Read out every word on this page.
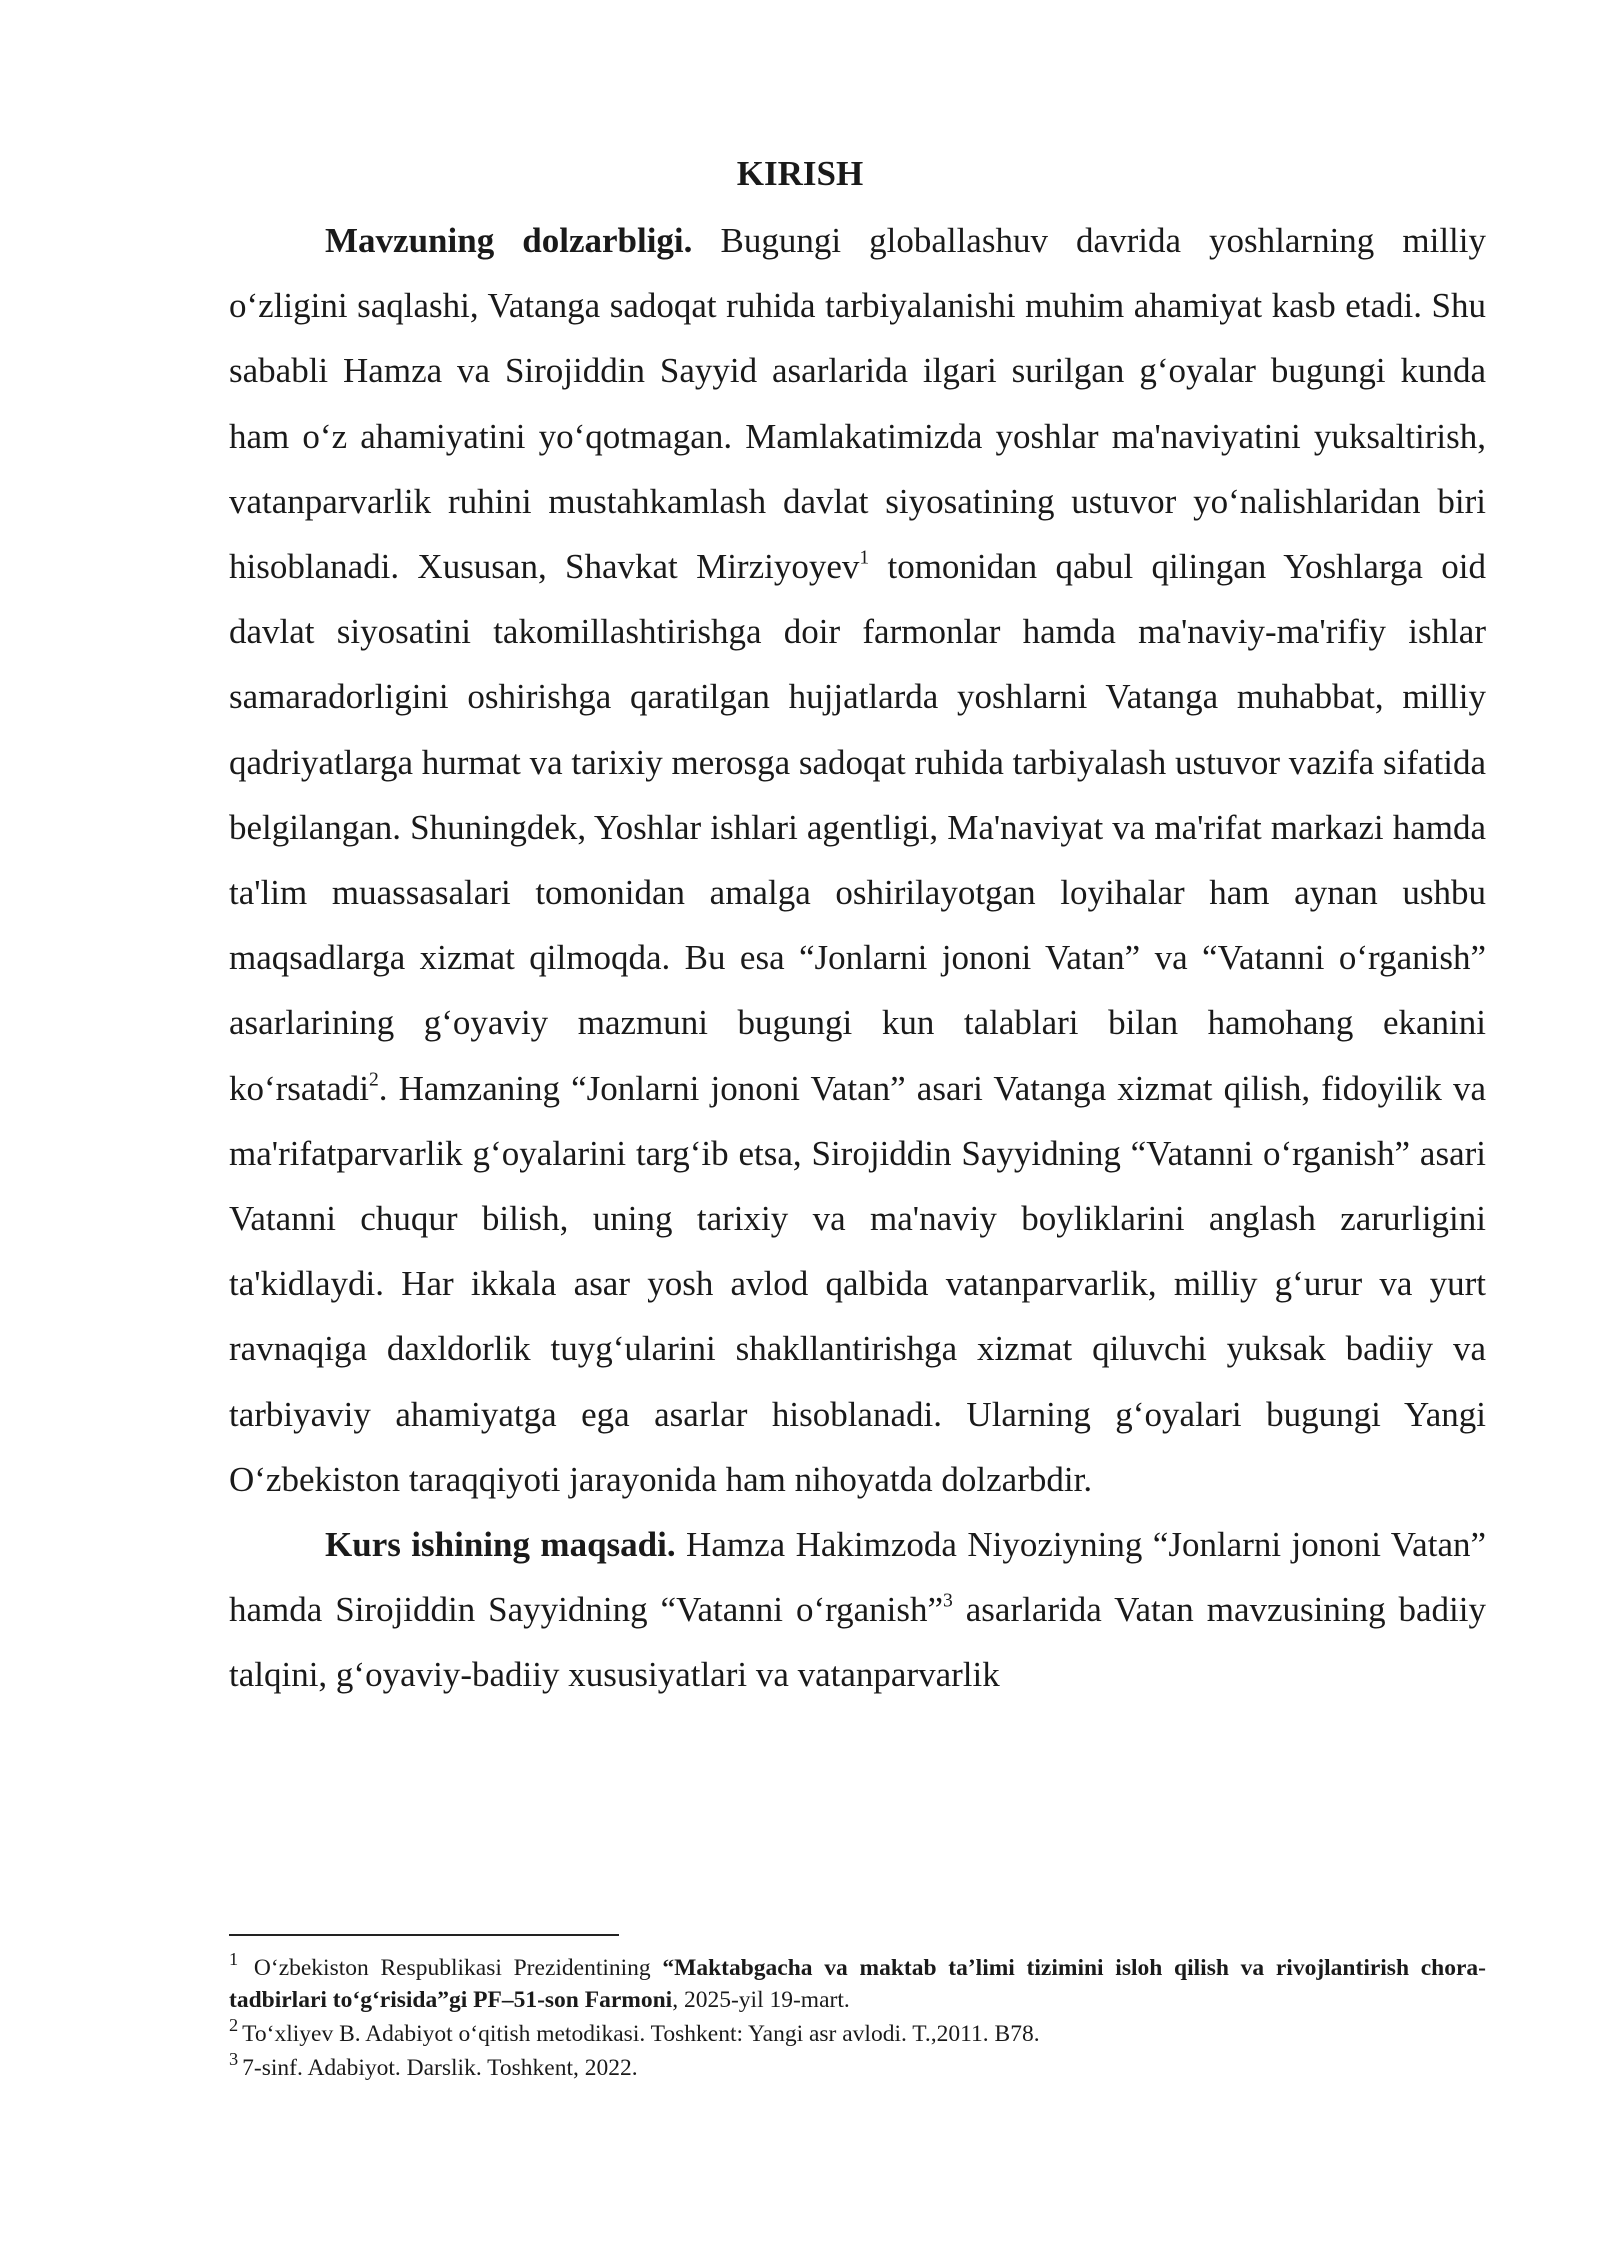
KIRISH

Mavzuning dolzarbligi. Bugungi globallashuv davrida yoshlarning milliy oʻzligini saqlashi, Vatanga sadoqat ruhida tarbiyalanishi muhim ahamiyat kasb etadi. Shu sababli Hamza va Sirojiddin Sayyid asarlarida ilgari surilgan gʻoyalar bugungi kunda ham oʻz ahamiyatini yoʻqotmagan. Mamlakatimizda yoshlar ma'naviyatini yuksaltirish, vatanparvarlik ruhini mustahkamlash davlat siyosatining ustuvor yoʻnalishlaridan biri hisoblanadi. Xususan, Shavkat Mirziyoyev$^1$ tomonidan qabul qilingan Yoshlarga oid davlat siyosatini takomillashtirishga doir farmonlar hamda ma'naviy-ma'rifiy ishlar samaradorligini oshirishga qaratilgan hujjatlarda yoshlarni Vatanga muhabbat, milliy qadriyatlarga hurmat va tarixiy merosga sadoqat ruhida tarbiyalash ustuvor vazifa sifatida belgilangan. Shuningdek, Yoshlar ishlari agentligi, Ma'naviyat va ma'rifat markazi hamda ta'lim muassasalari tomonidan amalga oshirilayotgan loyihalar ham aynan ushbu maqsadlarga xizmat qilmoqda. Bu esa “Jonlarni jononi Vatan” va “Vatanni oʻrganish” asarlarining gʻoyaviy mazmuni bugungi kun talablari bilan hamohang ekanini koʻrsatadi$^2$. Hamzaning “Jonlarni jononi Vatan” asari Vatanga xizmat qilish, fidoyilik va ma'rifatparvarlik gʻoyalarini targʻib etsa, Sirojiddin Sayyidning “Vatanni oʻrganish” asari Vatanni chuqur bilish, uning tarixiy va ma'naviy boyliklarini anglash zarurligini ta'kidlaydi. Har ikkala asar yosh avlod qalbida vatanparvarlik, milliy gʻurur va yurt ravnaqiga daxldorlik tuygʻularini shakllantirishga xizmat qiluvchi yuksak badiiy va tarbiyaviy ahamiyatga ega asarlar hisoblanadi. Ularning gʻoyalari bugungi Yangi Oʻzbekiston taraqqiyoti jarayonida ham nihoyatda dolzarbdir.

Kurs ishining maqsadi. Hamza Hakimzoda Niyoziyning “Jonlarni jononi Vatan” hamda Sirojiddin Sayyidning “Vatanni oʻrganish”$^3$ asarlarida Vatan mavzusining badiiy talqini, gʻoyaviy-badiiy xususiyatlari va vatanparvarlik

$^1$ Oʻzbekiston Respublikasi Prezidentining “Maktabgacha va maktab ta’limi tizimini isloh qilish va rivojlantirish chora-tadbirlari toʻgʻrisida”gi PF–51-son Farmoni, 2025-yil 19-mart.

$^2$ Toʻxliyev B. Adabiyot oʻqitish metodikasi. Toshkent: Yangi asr avlodi. T.,2011. B78.

$^3$ 7-sinf. Adabiyot. Darslik. Toshkent, 2022.
